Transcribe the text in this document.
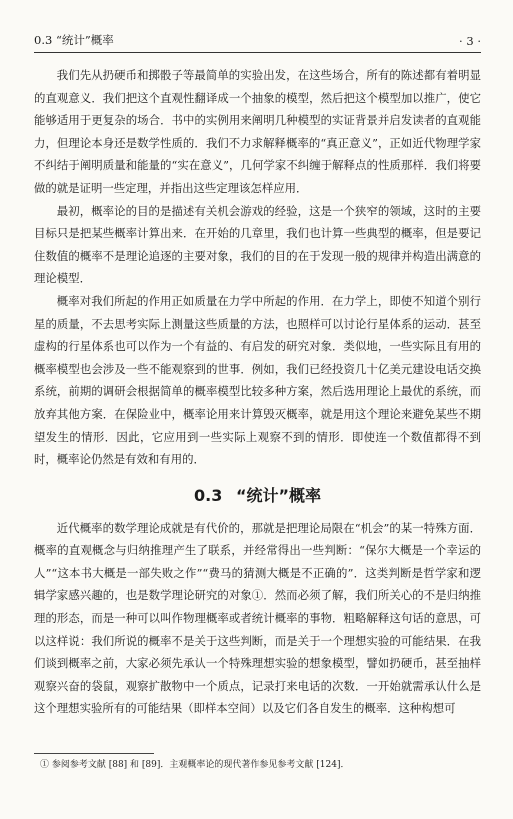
0.3 “统计”概率	· 3 ·

我们先从扔硬币和掷骰子等最简单的实验出发，在这些场合，所有的陈述都有着明显的直观意义．我们把这个直观性翻译成一个抽象的模型，然后把这个模型加以推广，使它能够适用于更复杂的场合．书中的实例用来阐明几种模型的实证背景并启发读者的直观能力，但理论本身还是数学性质的．我们不力求解释概率的“真正意义”，正如近代物理学家不纠结于阐明质量和能量的“实在意义”，几何学家不纠缠于解释点的性质那样．我们将要做的就是证明一些定理，并指出这些定理该怎样应用．

最初，概率论的目的是描述有关机会游戏的经验，这是一个狭窄的领域，这时的主要目标只是把某些概率计算出来．在开始的几章里，我们也计算一些典型的概率，但是要记住数值的概率不是理论追逐的主要对象，我们的目的在于发现一般的规律并构造出满意的理论模型．

概率对我们所起的作用正如质量在力学中所起的作用．在力学上，即使不知道个别行星的质量，不去思考实际上测量这些质量的方法，也照样可以讨论行星体系的运动．甚至虚构的行星体系也可以作为一个有益的、有启发的研究对象．类似地，一些实际且有用的概率模型也会涉及一些不能观察到的世事．例如，我们已经投资几十亿美元建设电话交换系统，前期的调研会根据简单的概率模型比较多种方案，然后选用理论上最优的系统，而放弃其他方案．在保险业中，概率论用来计算毁灭概率，就是用这个理论来避免某些不期望发生的情形．因此，它应用到一些实际上观察不到的情形．即使连一个数值都得不到时，概率论仍然是有效和有用的．

0.3 “统计”概率

近代概率的数学理论成就是有代价的，那就是把理论局限在“机会”的某一特殊方面．概率的直观概念与归纳推理产生了联系，并经常得出一些判断：“保尔大概是一个幸运的人”“这本书大概是一部失败之作”“费马的猜测大概是不正确的”．这类判断是哲学家和逻辑学家感兴趣的，也是数学理论研究的对象①．然而必须了解，我们所关心的不是归纳推理的形态，而是一种可以叫作物理概率或者统计概率的事物．粗略解释这句话的意思，可以这样说：我们所说的概率不是关于这些判断，而是关于一个理想实验的可能结果．在我们谈到概率之前，大家必须先承认一个特殊理想实验的想象模型，譬如扔硬币，甚至抽样观察兴奋的袋鼠，观察扩散物中一个质点，记录打来电话的次数．一开始就需承认什么是这个理想实验所有的可能结果（即样本空间）以及它们各自发生的概率．这种构想可

① 参阅参考文献 [88] 和 [89]．主观概率论的现代著作参见参考文献 [124]．
